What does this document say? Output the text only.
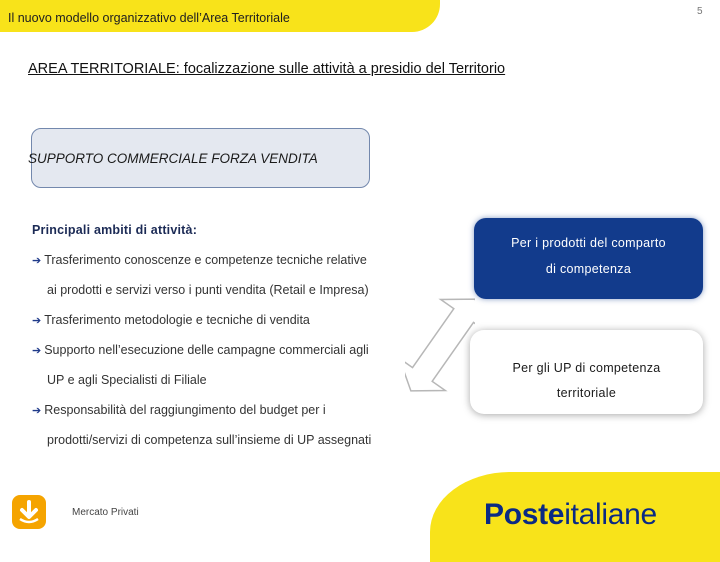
Il nuovo modello organizzativo dell’Area Territoriale	5
AREA TERRITORIALE: focalizzazione sulle attività a presidio del Territorio
SUPPORTO COMMERCIALE FORZA VENDITA
Principali ambiti di attività:
➔ Trasferimento conoscenze e competenze tecniche relative
ai prodotti e servizi verso i punti vendita (Retail e Impresa)
➔ Trasferimento metodologie e tecniche di vendita
➔ Supporto nell’esecuzione delle campagne commerciali agli
UP e agli Specialisti di Filiale
➔ Responsabilità del raggiungimento del budget per i
prodotti/servizi di competenza sull’insieme di UP assegnati
Per i prodotti del comparto
di competenza
Per gli UP di competenza
territoriale
Mercato Privati	Posteitaliane
